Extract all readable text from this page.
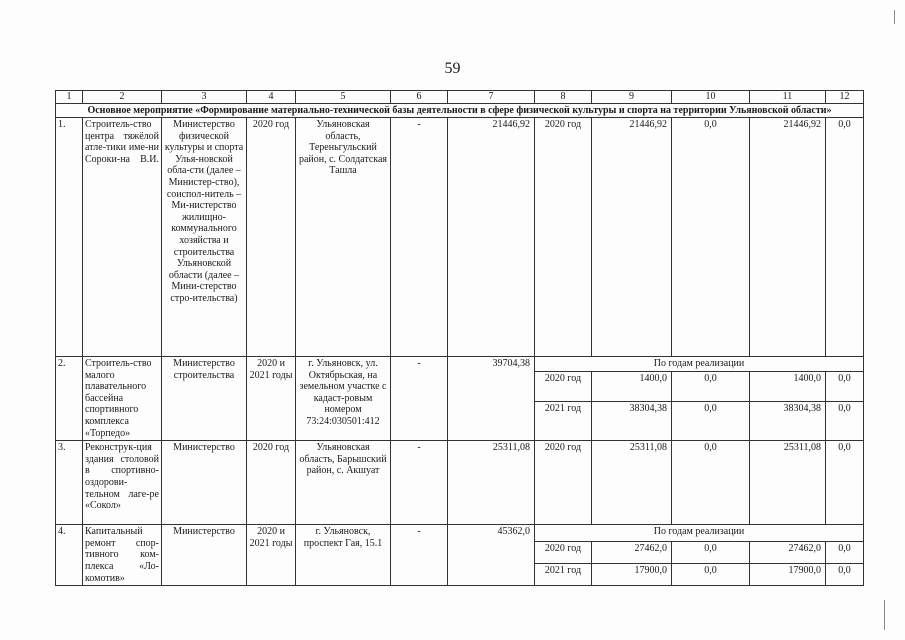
59
1	2	3	4	5	6	7	8	9	10	11	12
Основное мероприятие «Формирование материально-технической базы деятельности в сфере физической культуры и спорта на территории Ульяновской области»											
1.	Строитель-ство центра тяжёлой атле-тики име-ни Сороки-на В.И.	Министерство физической культуры и спорта Улья-новской обла-сти (далее – Министер-ство), соиспол-нитель – Ми-нистерство жилищно-коммунального хозяйства и строительства Ульяновской области (далее – Мини-стерство стро-ительства)	2020 год	Ульяновская область, Тереньгульский район, с. Солдатская Ташла	-	21446,92	2020 год	21446,92	0,0	21446,92	0,0
2.	Строитель-ство малого плавательного бассейна спортивного комплекса «Торпедо»	Министерство строительства	2020 и 2021 годы	г. Ульяновск, ул. Октябрьская, на земельном участке с кадаст-ровым номером 73:24:030501:412	-	39704,38	По годам реализации				
							2020 год	1400,0	0,0	1400,0	0,0
							2021 год	38304,38	0,0	38304,38	0,0
3.	Реконструк-ция здания столовой в спортивно-оздорови-тельном лаге-ре «Сокол»	Министерство	2020 год	Ульяновская область, Барышский район, с. Акшуат	-	25311,08	2020 год	25311,08	0,0	25311,08	0,0
4.	Капитальный ремонт спор-тивного ком-плекса «Ло-комотив»	Министерство	2020 и 2021 годы	г. Ульяновск, проспект Гая, 15.1	-	45362,0	По годам реализации				
							2020 год	27462,0	0,0	27462,0	0,0
							2021 год	17900,0	0,0	17900,0	0,0
